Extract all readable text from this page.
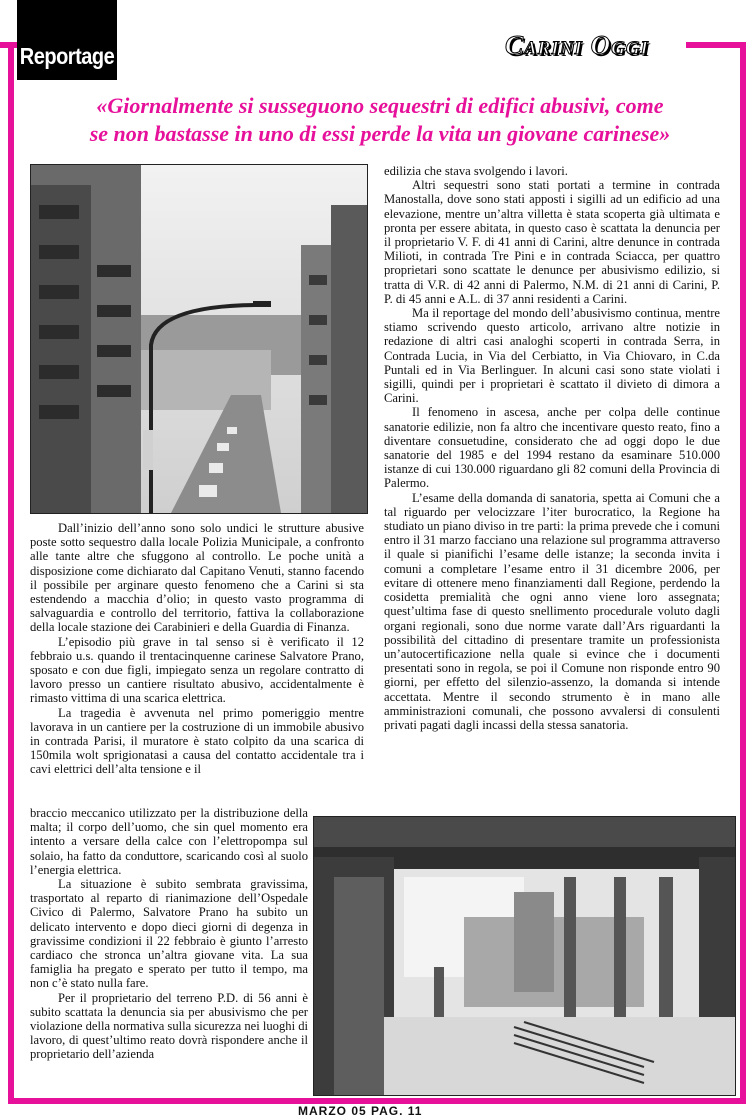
Reportage	Carini Oggi
«Giornalmente si susseguono sequestri di edifici abusivi, come
se non bastasse in uno di essi perde la vita un giovane carinese»

Dall’inizio dell’anno sono solo undici le strutture abusive poste sotto sequestro dalla locale Polizia Municipale, a confronto alle tante altre che sfuggono al controllo. Le poche unità a disposizione come dichiarato dal Capitano Venuti, stanno facendo il possibile per arginare questo fenomeno che a Carini si sta estendendo a macchia d’olio; in questo vasto programma di salvaguardia e controllo del territorio, fattiva la collaborazione della locale stazione dei Carabinieri e della Guardia di Finanza.

L’episodio più grave in tal senso si è verificato il 12 febbraio u.s. quando il trentacinquenne carinese Salvatore Prano, sposato e con due figli, impiegato senza un regolare contratto di lavoro presso un cantiere risultato abusivo, accidentalmente è rimasto vittima di una scarica elettrica.

La tragedia è avvenuta nel primo pomeriggio mentre lavorava in un cantiere per la costruzione di un immobile abusivo in contrada Parisi, il muratore è stato colpito da una scarica di 150mila wolt sprigionatasi a causa del contatto accidentale tra i cavi elettrici dell’alta tensione e il

braccio meccanico utilizzato per la distribuzione della malta; il corpo dell’uomo, che sin quel momento era intento a versare della calce con l’elettropompa sul solaio, ha fatto da conduttore, scaricando così al suolo l’energia elettrica.

La situazione è subito sembrata gravissima, trasportato al reparto di rianimazione dell’Ospedale Civico di Palermo, Salvatore Prano ha subito un delicato intervento e dopo dieci giorni di degenza in gravissime condizioni il 22 febbraio è giunto l’arresto cardiaco che stronca un’altra giovane vita. La sua famiglia ha pregato e sperato per tutto il tempo, ma non c’è stato nulla fare.

Per il proprietario del terreno P.D. di 56 anni è subito scattata la denuncia sia per abusivismo che per violazione della normativa sulla sicurezza nei luoghi di lavoro, di quest’ultimo reato dovrà rispondere anche il proprietario dell’azienda

edilizia che stava svolgendo i lavori.

Altri sequestri sono stati portati a termine in contrada Manostalla, dove sono stati apposti i sigilli ad un edificio ad una elevazione, mentre un’altra villetta è stata scoperta già ultimata e pronta per essere abitata, in questo caso è scattata la denuncia per il proprietario V. F. di 41 anni di Carini, altre denunce in contrada Milioti, in contrada Tre Pini e in contrada Sciacca, per quattro proprietari sono scattate le denunce per abusivismo edilizio, si tratta di V.R. di 42 anni di Palermo, N.M. di 21 anni di Carini, P. P. di 45 anni e A.L. di 37 anni residenti a Carini.

Ma il reportage del mondo dell’abusivismo continua, mentre stiamo scrivendo questo articolo, arrivano altre notizie in redazione di altri casi analoghi scoperti in contrada Serra, in Contrada Lucia, in Via del Cerbiatto, in Via Chiovaro, in C.da Puntali ed in Via Berlinguer. In alcuni casi sono state violati i sigilli, quindi per i proprietari è scattato il divieto di dimora a Carini.

Il fenomeno in ascesa, anche per colpa delle continue sanatorie edilizie, non fa altro che incentivare questo reato, fino a diventare consuetudine, considerato che ad oggi dopo le due sanatorie del 1985 e del 1994 restano da esaminare 510.000 istanze di cui 130.000 riguardano gli 82 comuni della Provincia di Palermo.

L’esame della domanda di sanatoria, spetta ai Comuni che a tal riguardo per velocizzare l’iter burocratico, la Regione ha studiato un piano diviso in tre parti: la prima prevede che i comuni entro il 31 marzo facciano una relazione sul programma attraverso il quale si pianifichi l’esame delle istanze; la seconda invita i comuni a completare l’esame entro il 31 dicembre 2006, per evitare di ottenere meno finanziamenti dall Regione, perdendo la cosidetta premialità che ogni anno viene loro assegnata; quest’ultima fase di questo snellimento procedurale voluto dagli organi regionali, sono due norme varate dall’Ars riguardanti la possibilità del cittadino di presentare tramite un professionista un’autocertificazione nella quale si evince che i documenti presentati sono in regola, se poi il Comune non risponde entro 90 giorni, per effetto del silenzio-assenzo, la domanda si intende accettata. Mentre il secondo strumento è in mano alle amministrazioni comunali, che possono avvalersi di consulenti privati pagati dagli incassi della stessa sanatoria.

MARZO 05 PAG. 11
